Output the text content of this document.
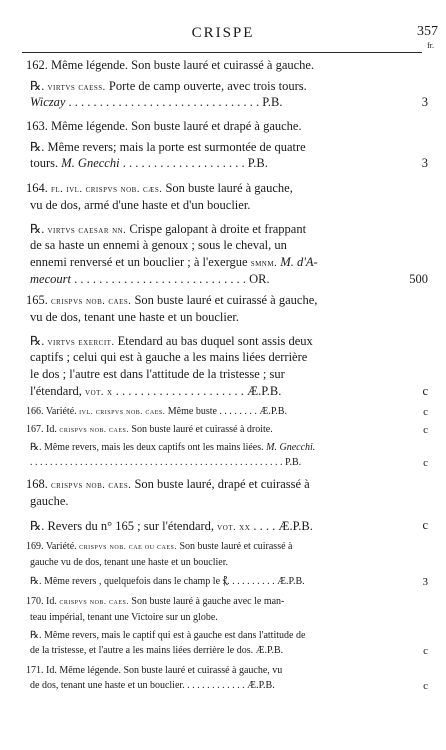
CRISPE	357
fr.
162. Même légende. Son buste lauré et cuirassé à gauche.
℞. virtvs caess. Porte de camp ouverte, avec trois tours.
Wiczay . . . . . . . . . . . . . . . . . . . . . . . . . . . . . . . P.B.
163. Même légende. Son buste lauré et drapé à gauche.
℞. Même revers; mais la porte est surmontée de quatre
tours. M. Gnecchi . . . . . . . . . . . . . . . . . . . . P.B.
164. fl. ivl. crispvs nob. cæs. Son buste lauré à gauche,
vu de dos, armé d'une haste et d'un bouclier.
℞. virtvs caesar nn. Crispe galopant à droite et frappant
de sa haste un ennemi à genoux ; sous le cheval, un
ennemi renversé et un bouclier ; à l'exergue smnm. M. d'A-
mecourt . . . . . . . . . . . . . . . . . . . . . . . . . . . . OR.
165. crispvs nob. caes. Son buste lauré et cuirassé à gauche,
vu de dos, tenant une haste et un bouclier.
℞. virtvs exercit. Etendard au bas duquel sont assis deux
captifs ; celui qui est à gauche a les mains liées derrière
le dos ; l'autre est dans l'attitude de la tristesse ; sur
l'étendard, vot. x . . . . . . . . . . . . . . . . . . . . . Æ.P.B.
166. Variété. ivl. crispvs nob. caes. Même buste . . . . . . . . Æ.P.B.
167. Id. crispvs nob. caes. Son buste lauré et cuirassé à droite.
℞. Même revers, mais les deux captifs ont les mains liées. M. Gnecchi.
. . . . . . . . . . . . . . . . . . . . . . . . . . . . . . . . . . . . . . . . . . . . . . . . . . . P.B.
168. crispvs nob. caes. Son buste lauré, drapé et cuirassé à
gauche.
℞. Revers du n° 165 ; sur l'étendard, vot. xx . . . . Æ.P.B.
169. Variété. crispvs nob. cae ou caes. Son buste lauré et cuirassé à
gauche vu de dos, tenant une haste et un bouclier.
℞. Même revers , quelquefois dans le champ le ⳩. . . . . . . . . . Æ.P.B.
170. Id. crispvs nob. caes. Son buste lauré à gauche avec le man-
teau impérial, tenant une Victoire sur un globe.
℞. Même revers, mais le captif qui est à gauche est dans l'attitude de
de la tristesse, et l'autre a les mains liées derrière le dos. Æ.P.B.
171. Id. Même légende. Son buste lauré et cuirassé à gauche, vu
de dos, tenant une haste et un bouclier. . . . . . . . . . . . . Æ.P.B.
3
3
500
c
c
c
c
c
3
c
c
